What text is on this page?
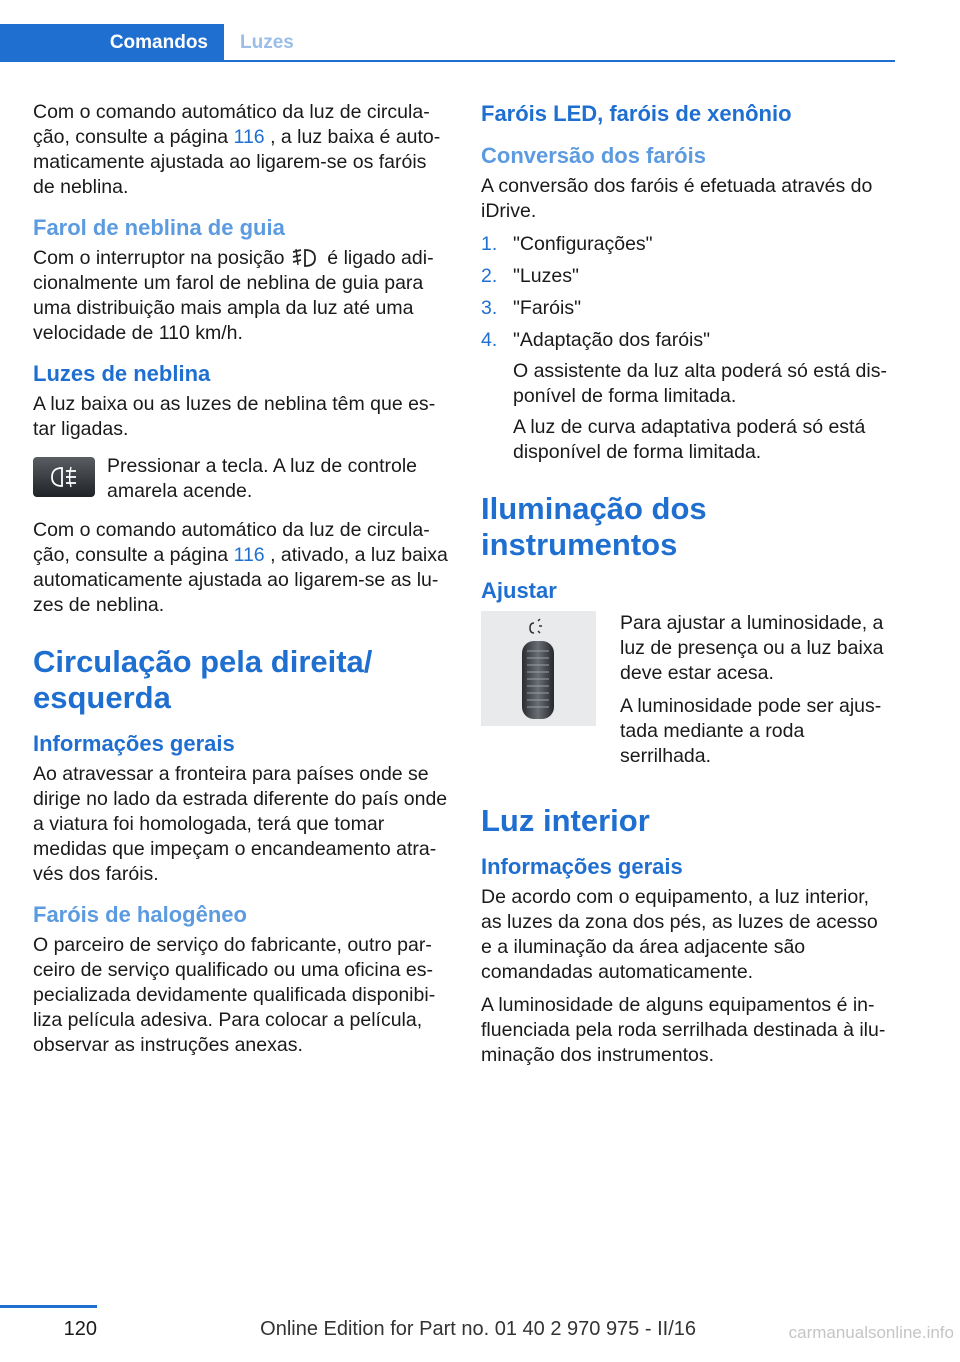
Comandos	Luzes

Com o comando automático da luz de circulação, consulte a página 116 , a luz baixa é automaticamente ajustada ao ligarem-se os faróis de neblina.

Farol de neblina de guia

Com o interruptor na posição  é ligado adicionalmente um farol de neblina de guia para uma distribuição mais ampla da luz até uma velocidade de 110 km/h.

Luzes de neblina

A luz baixa ou as luzes de neblina têm que estar ligadas.

Pressionar a tecla. A luz de controle amarela acende.

Com o comando automático da luz de circulação, consulte a página 116 , ativado, a luz baixa automaticamente ajustada ao ligarem-se as luzes de neblina.

Circulação pela direita/ esquerda
Informações gerais

Ao atravessar a fronteira para países onde se dirige no lado da estrada diferente do país onde a viatura foi homologada, terá que tomar medidas que impeçam o encandeamento através dos faróis.

Faróis de halogêneo

O parceiro de serviço do fabricante, outro parceiro de serviço qualificado ou uma oficina especializada devidamente qualificada disponibiliza película adesiva. Para colocar a película, observar as instruções anexas.

Faróis LED, faróis de xenônio
Conversão dos faróis

A conversão dos faróis é efetuada através do iDrive.

1. "Configurações"
2. "Luzes"
3. "Faróis"
4. "Adaptação dos faróis"

O assistente da luz alta poderá só está disponível de forma limitada.

A luz de curva adaptativa poderá só está disponível de forma limitada.

Iluminação dos instrumentos
Ajustar

Para ajustar a luminosidade, a luz de presença ou a luz baixa deve estar acesa.

A luminosidade pode ser ajustada mediante a roda serrilhada.

Luz interior
Informações gerais

De acordo com o equipamento, a luz interior, as luzes da zona dos pés, as luzes de acesso e a iluminação da área adjacente são comandadas automaticamente.

A luminosidade de alguns equipamentos é influenciada pela roda serrilhada destinada à iluminação dos instrumentos.

120	Online Edition for Part no. 01 40 2 970 975 - II/16	carmanualsonline.info
